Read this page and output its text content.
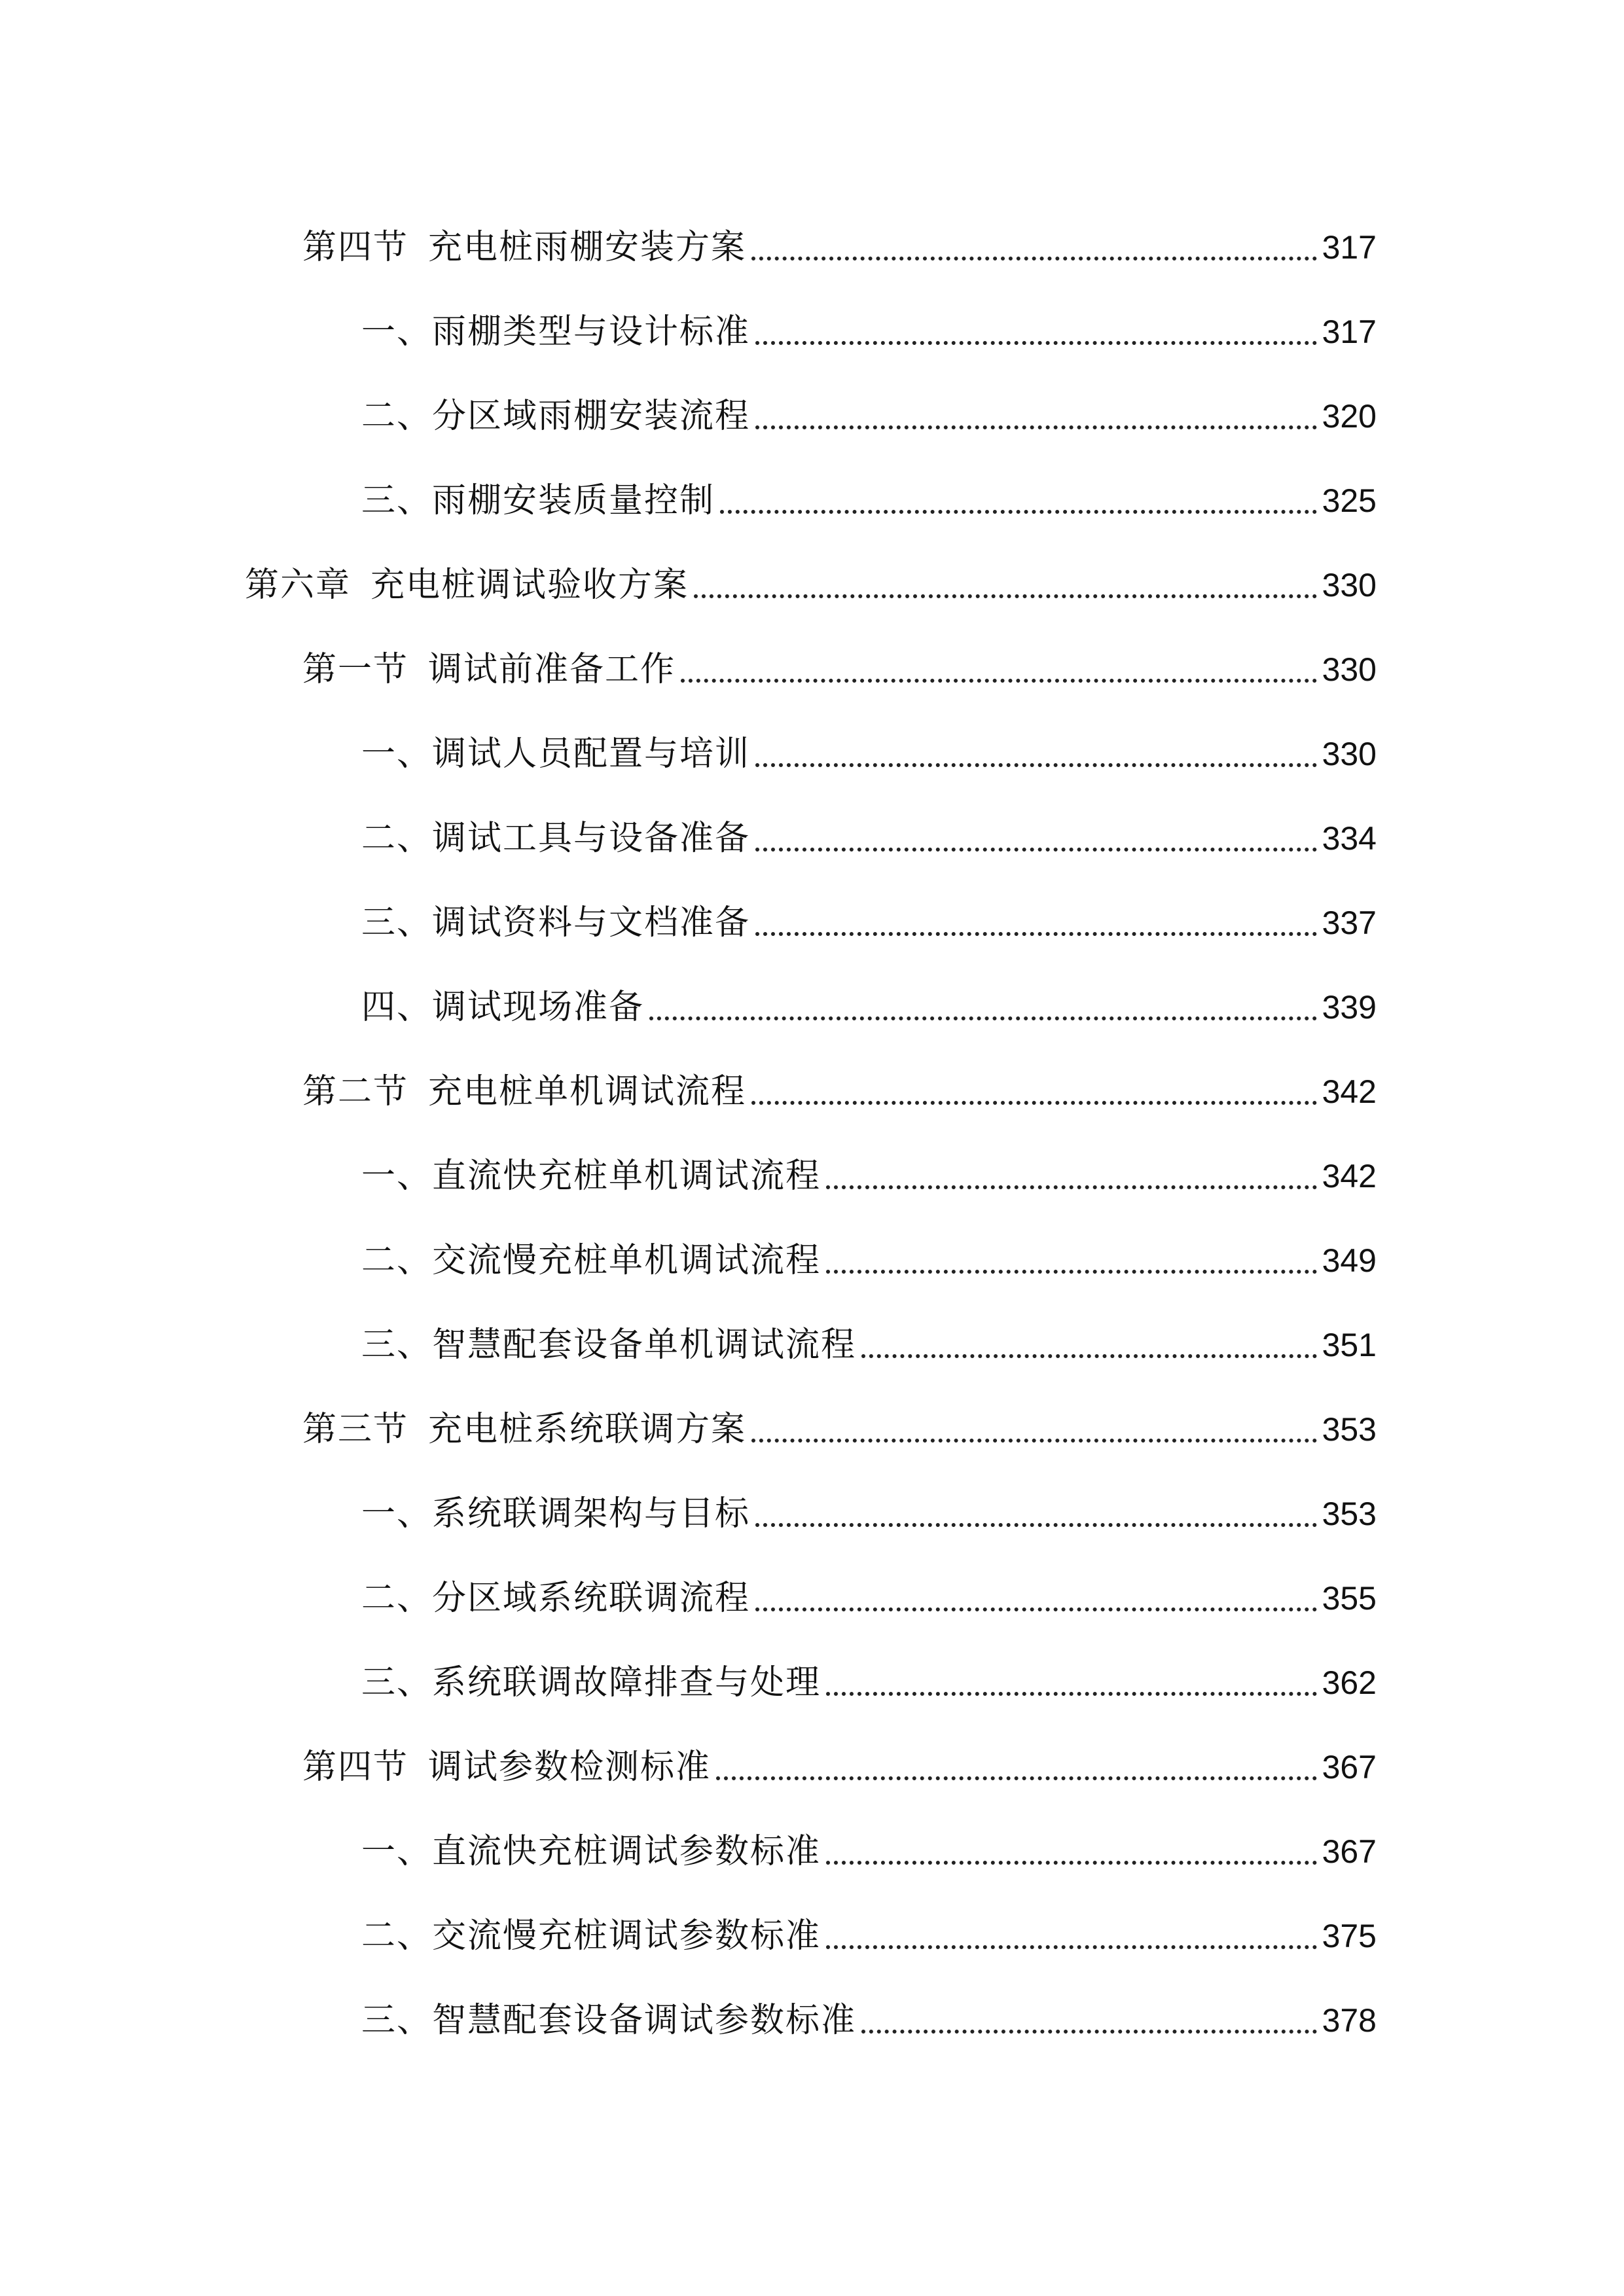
第四节 充电桩雨棚安装方案	317
一、雨棚类型与设计标准	317
二、分区域雨棚安装流程	320
三、雨棚安装质量控制	325
第六章 充电桩调试验收方案	330
第一节 调试前准备工作	330
一、调试人员配置与培训	330
二、调试工具与设备准备	334
三、调试资料与文档准备	337
四、调试现场准备	339
第二节 充电桩单机调试流程	342
一、直流快充桩单机调试流程	342
二、交流慢充桩单机调试流程	349
三、智慧配套设备单机调试流程	351
第三节 充电桩系统联调方案	353
一、系统联调架构与目标	353
二、分区域系统联调流程	355
三、系统联调故障排查与处理	362
第四节 调试参数检测标准	367
一、直流快充桩调试参数标准	367
二、交流慢充桩调试参数标准	375
三、智慧配套设备调试参数标准	378
